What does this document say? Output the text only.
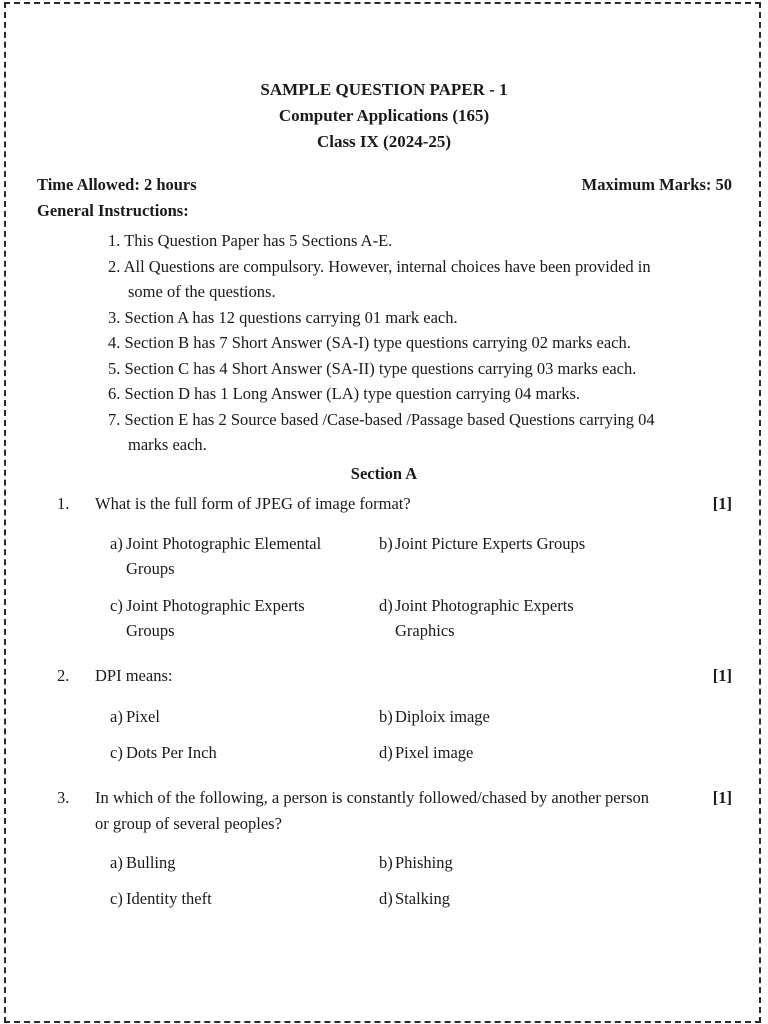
SAMPLE QUESTION PAPER - 1
Computer Applications (165)
Class IX (2024-25)
Time Allowed: 2 hours	Maximum Marks: 50
General Instructions:
1. This Question Paper has 5 Sections A-E.
2. All Questions are compulsory. However, internal choices have been provided in
some of the questions.
3. Section A has 12 questions carrying 01 mark each.
4. Section B has 7 Short Answer (SA-I) type questions carrying 02 marks each.
5. Section C has 4 Short Answer (SA-II) type questions carrying 03 marks each.
6. Section D has 1 Long Answer (LA) type question carrying 04 marks.
7. Section E has 2 Source based /Case-based /Passage based Questions carrying 04
marks each.
Section A
1. What is the full form of JPEG of image format?	[1]
a) Joint Photographic Elemental
Groups
b) Joint Picture Experts Groups
c) Joint Photographic Experts
Groups
d) Joint Photographic Experts
Graphics
2. DPI means:	[1]
a) Pixel	b) Diploix image
c) Dots Per Inch	d) Pixel image
3. In which of the following, a person is constantly followed/chased by another person
or group of several peoples?
[1]
a) Bulling	b) Phishing
c) Identity theft	d) Stalking
